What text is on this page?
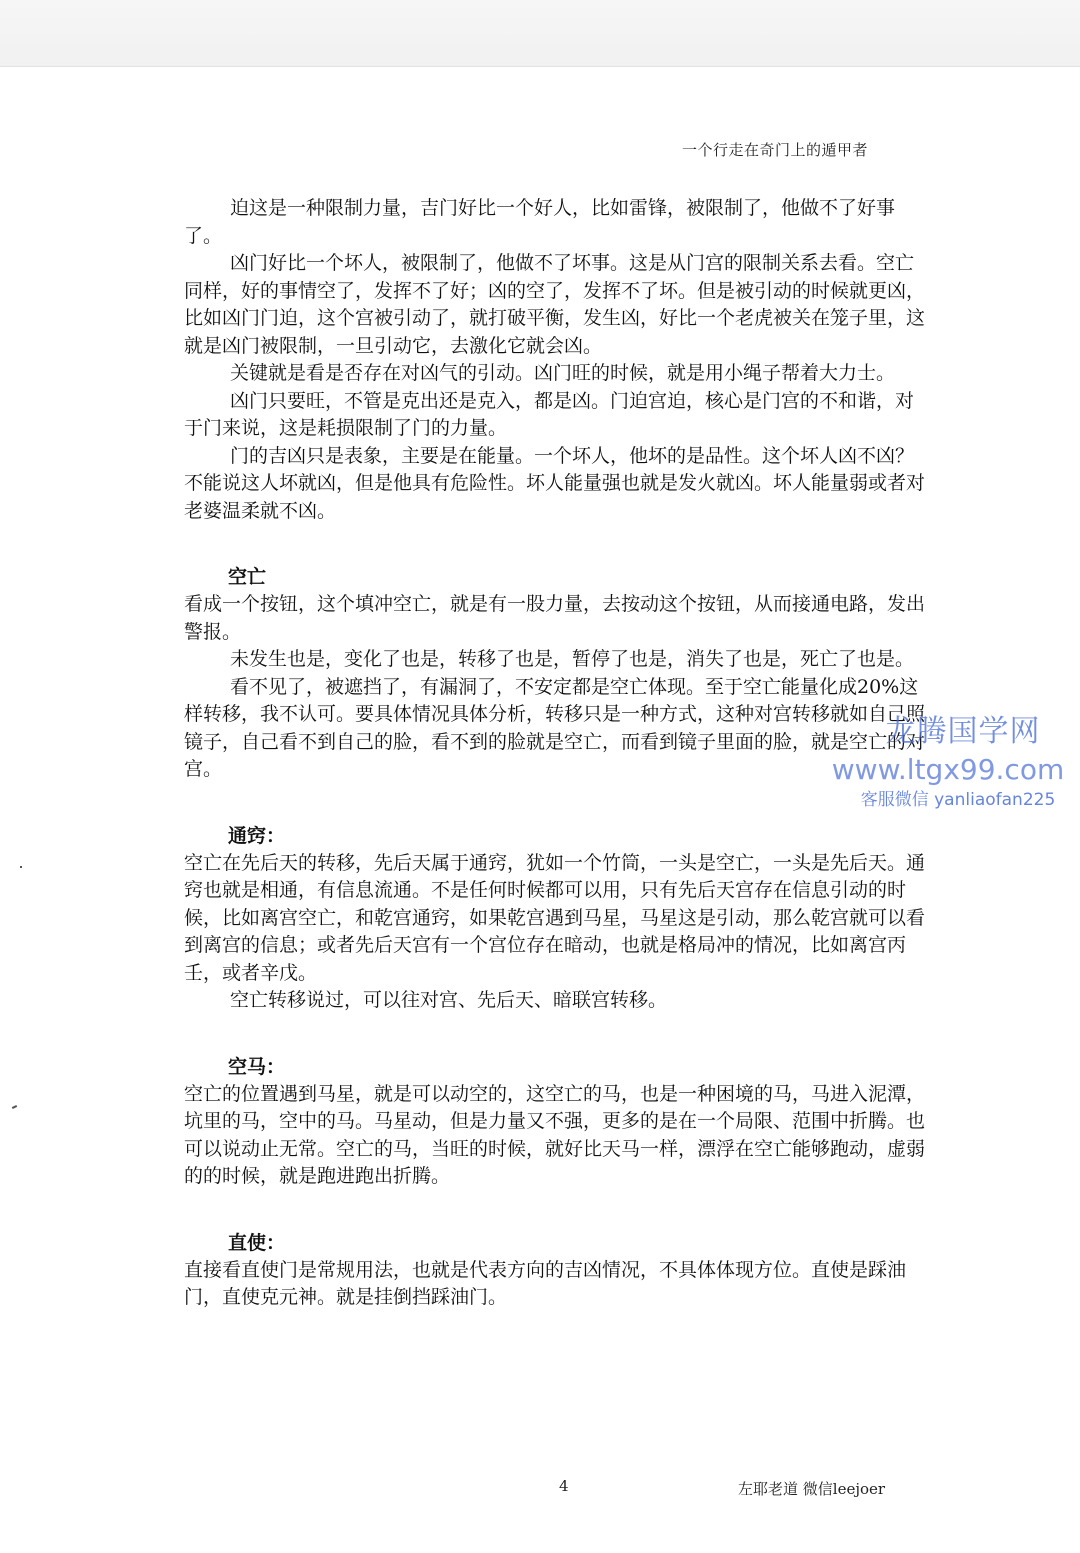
一个行走在奇门上的遁甲者

迫这是一种限制力量，吉门好比一个好人，比如雷锋，被限制了，他做不了好事了。

凶门好比一个坏人，被限制了，他做不了坏事。这是从门宫的限制关系去看。空亡同样，好的事情空了，发挥不了好；凶的空了，发挥不了坏。但是被引动的时候就更凶，比如凶门门迫，这个宫被引动了，就打破平衡，发生凶，好比一个老虎被关在笼子里，这就是凶门被限制，一旦引动它，去激化它就会凶。

关键就是看是否存在对凶气的引动。凶门旺的时候，就是用小绳子帮着大力士。

凶门只要旺，不管是克出还是克入，都是凶。门迫宫迫，核心是门宫的不和谐，对于门来说，这是耗损限制了门的力量。

门的吉凶只是表象，主要是在能量。一个坏人，他坏的是品性。这个坏人凶不凶？不能说这人坏就凶，但是他具有危险性。坏人能量强也就是发火就凶。坏人能量弱或者对老婆温柔就不凶。

空亡

看成一个按钮，这个填冲空亡，就是有一股力量，去按动这个按钮，从而接通电路，发出警报。

未发生也是，变化了也是，转移了也是，暂停了也是，消失了也是，死亡了也是。

看不见了，被遮挡了，有漏洞了，不安定都是空亡体现。至于空亡能量化成20%这样转移，我不认可。要具体情况具体分析，转移只是一种方式，这种对宫转移就如自己照镜子，自己看不到自己的脸，看不到的脸就是空亡，而看到镜子里面的脸，就是空亡的对宫。

通窍：

空亡在先后天的转移，先后天属于通窍，犹如一个竹筒，一头是空亡，一头是先后天。通窍也就是相通，有信息流通。不是任何时候都可以用，只有先后天宫存在信息引动的时候，比如离宫空亡，和乾宫通窍，如果乾宫遇到马星，马星这是引动，那么乾宫就可以看到离宫的信息；或者先后天宫有一个宫位存在暗动，也就是格局冲的情况，比如离宫丙壬，或者辛戊。

空亡转移说过，可以往对宫、先后天、暗联宫转移。

空马：

空亡的位置遇到马星，就是可以动空的，这空亡的马，也是一种困境的马，马进入泥潭，坑里的马，空中的马。马星动，但是力量又不强，更多的是在一个局限、范围中折腾。也可以说动止无常。空亡的马，当旺的时候，就好比天马一样，漂浮在空亡能够跑动，虚弱的的时候，就是跑进跑出折腾。

直使：

直接看直使门是常规用法，也就是代表方向的吉凶情况，不具体体现方位。直使是踩油门，直使克元神。就是挂倒挡踩油门。

龙腾国学网
www.ltgx99.com
客服微信 yanliaofan225
4	左耶老道 微信leejoer
